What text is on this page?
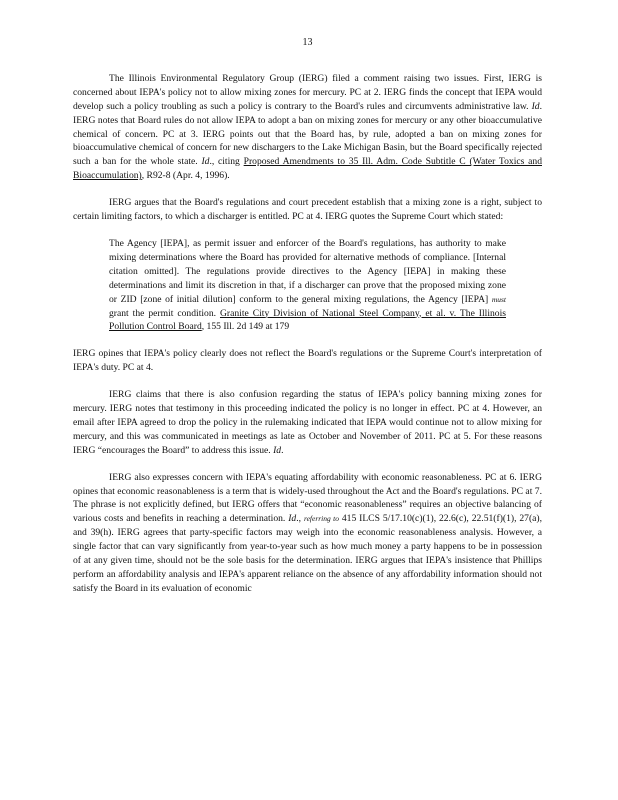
13

The Illinois Environmental Regulatory Group (IERG) filed a comment raising two issues. First, IERG is concerned about IEPA's policy not to allow mixing zones for mercury. PC at 2. IERG finds the concept that IEPA would develop such a policy troubling as such a policy is contrary to the Board's rules and circumvents administrative law. Id. IERG notes that Board rules do not allow IEPA to adopt a ban on mixing zones for mercury or any other bioaccumulative chemical of concern. PC at 3. IERG points out that the Board has, by rule, adopted a ban on mixing zones for bioaccumulative chemical of concern for new dischargers to the Lake Michigan Basin, but the Board specifically rejected such a ban for the whole state. Id., citing Proposed Amendments to 35 Ill. Adm. Code Subtitle C (Water Toxics and Bioaccumulation), R92-8 (Apr. 4, 1996).

IERG argues that the Board's regulations and court precedent establish that a mixing zone is a right, subject to certain limiting factors, to which a discharger is entitled. PC at 4. IERG quotes the Supreme Court which stated:

The Agency [IEPA], as permit issuer and enforcer of the Board's regulations, has authority to make mixing determinations where the Board has provided for alternative methods of compliance. [Internal citation omitted]. The regulations provide directives to the Agency [IEPA] in making these determinations and limit its discretion in that, if a discharger can prove that the proposed mixing zone or ZID [zone of initial dilution] conform to the general mixing regulations, the Agency [IEPA] must grant the permit condition. Granite City Division of National Steel Company, et al. v. The Illinois Pollution Control Board, 155 Ill. 2d 149 at 179

IERG opines that IEPA's policy clearly does not reflect the Board's regulations or the Supreme Court's interpretation of IEPA's duty. PC at 4.

IERG claims that there is also confusion regarding the status of IEPA's policy banning mixing zones for mercury. IERG notes that testimony in this proceeding indicated the policy is no longer in effect. PC at 4. However, an email after IEPA agreed to drop the policy in the rulemaking indicated that IEPA would continue not to allow mixing for mercury, and this was communicated in meetings as late as October and November of 2011. PC at 5. For these reasons IERG “encourages the Board” to address this issue. Id.

IERG also expresses concern with IEPA's equating affordability with economic reasonableness. PC at 6. IERG opines that economic reasonableness is a term that is widely-used throughout the Act and the Board's regulations. PC at 7. The phrase is not explicitly defined, but IERG offers that “economic reasonableness” requires an objective balancing of various costs and benefits in reaching a determination. Id., referring to 415 ILCS 5/17.10(c)(1), 22.6(c), 22.51(f)(1), 27(a), and 39(h). IERG agrees that party-specific factors may weigh into the economic reasonableness analysis. However, a single factor that can vary significantly from year-to-year such as how much money a party happens to be in possession of at any given time, should not be the sole basis for the determination. IERG argues that IEPA's insistence that Phillips perform an affordability analysis and IEPA's apparent reliance on the absence of any affordability information should not satisfy the Board in its evaluation of economic
